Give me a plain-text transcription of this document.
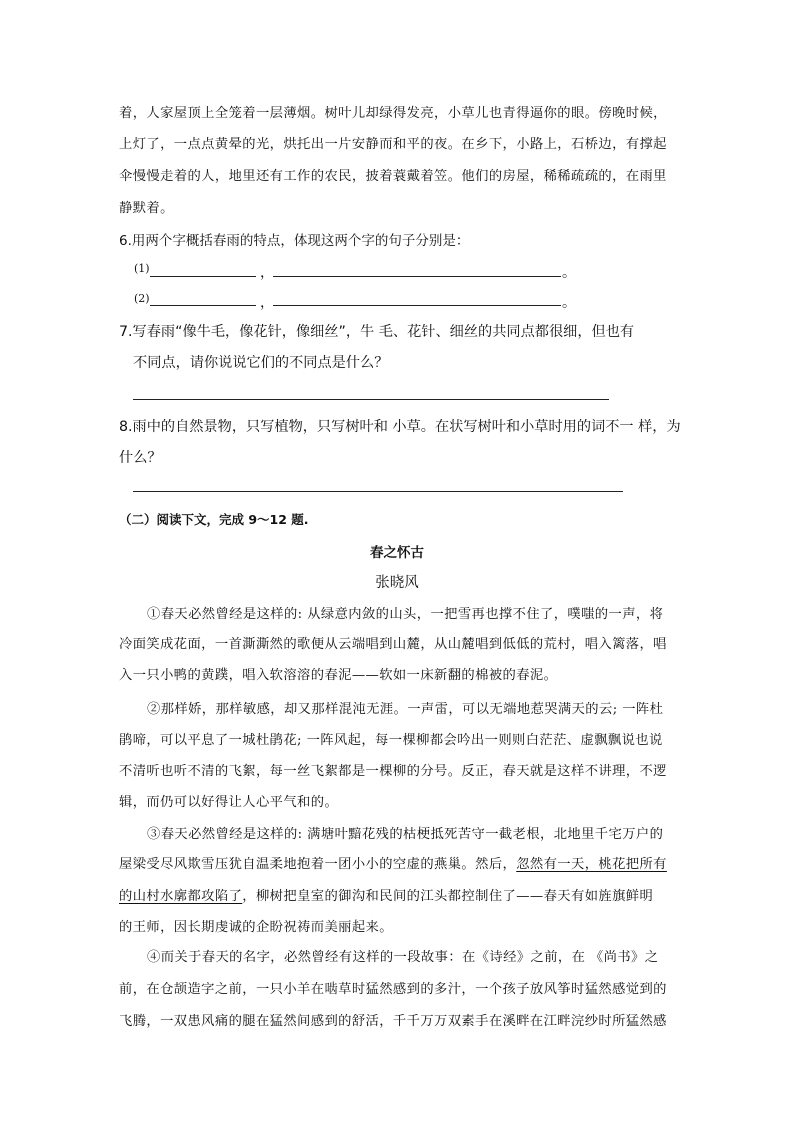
着，人家屋顶上全笼着一层薄烟。树叶儿却绿得发亮，小草儿也青得逼你的眼。傍晚时候，
上灯了，一点点黄晕的光，烘托出一片安静而和平的夜。在乡下，小路上，石桥边，有撑起
伞慢慢走着的人，地里还有工作的农民，披着蓑戴着笠。他们的房屋，稀稀疏疏的，在雨里
静默着。
6.用两个字概括春雨的特点，体现这两个字的句子分别是：
(1)	，	。
(2)	，	。
7.写春雨“像牛毛，像花针，像细丝”，牛 毛、花针、细丝的共同点都很细，但也有
不同点，请你说说它们的不同点是什么？
8.雨中的自然景物，只写植物，只写树叶和 小草。在状写树叶和小草时用的词不一 样，为
什么？
（二）阅读下文，完成 9～12 题.
春之怀古
张晓风
①春天必然曾经是这样的: 从绿意内敛的山头，一把雪再也撑不住了，噗嗤的一声，将
冷面笑成花面，一首澌澌然的歌便从云端唱到山麓，从山麓唱到低低的荒村，唱入篱落，唱
入一只小鸭的黄蹼，唱入软溶溶的春泥——软如一床新翻的棉被的春泥。
②那样娇，那样敏感，却又那样混沌无涯。一声雷，可以无端地惹哭满天的云; 一阵杜
鹃啼，可以平息了一城杜鹃花; 一阵风起，每一棵柳都会吟出一则则白茫茫、虚飘飘说也说
不清听也听不清的飞絮，每一丝飞絮都是一棵柳的分号。反正，春天就是这样不讲理，不逻
辑，而仍可以好得让人心平气和的。
③春天必然曾经是这样的: 满塘叶黯花残的枯梗抵死苦守一截老根，北地里千宅万户的
屋梁受尽风欺雪压犹自温柔地抱着一团小小的空虚的燕巢。然后，忽然有一天，桃花把所有
的山村水廓都攻陷了，柳树把皇室的御沟和民间的江头都控制住了——春天有如旌旗鲜明
的王师，因长期虔诚的企盼祝祷而美丽起来。
④而关于春天的名字，必然曾经有这样的一段故事：在《诗经》之前，在 《尚书》之
前，在仓颉造字之前，一只小羊在啮草时猛然感到的多汁，一个孩子放风筝时猛然感觉到的
飞腾，一双患风痛的腿在猛然间感到的舒活，千千万万双素手在溪畔在江畔浣纱时所猛然感
